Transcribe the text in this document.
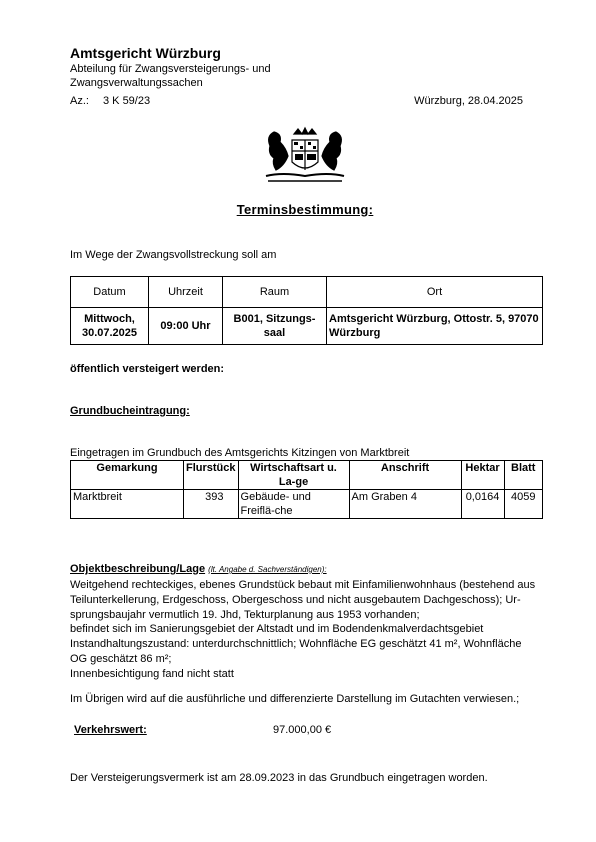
Amtsgericht Würzburg
Abteilung für Zwangsversteigerungs- und Zwangsverwaltungssachen
Az.: 3 K 59/23	Würzburg, 28.04.2025
Terminsbestimmung:
Im Wege der Zwangsvollstreckung soll am
Datum	Uhrzeit	Raum	Ort
Mittwoch, 30.07.2025	09:00 Uhr	B001, Sitzungs-saal	Amtsgericht Würzburg, Ottostr. 5, 97070 Würzburg
öffentlich versteigert werden:
Grundbucheintragung:
Eingetragen im Grundbuch des Amtsgerichts Kitzingen von Marktbreit
Gemarkung	Flurstück	Wirtschaftsart u. La-ge	Anschrift	Hektar	Blatt
Marktbreit	393	Gebäude- und Freiflä-che	Am Graben 4	0,0164	4059
Objektbeschreibung/Lage (lt. Angabe d. Sachverständigen):
Weitgehend rechteckiges, ebenes Grundstück bebaut mit Einfamilienwohnhaus (bestehend aus
Teilunterkellerung, Erdgeschoss, Obergeschoss und nicht ausgebautem Dachgeschoss); Ur-
sprungsbaujahr vermutlich 19. Jhd, Tekturplanung aus 1953 vorhanden;
befindet sich im Sanierungsgebiet der Altstadt und im Bodendenkmalverdachtsgebiet
Instandhaltungszustand: unterdurchschnittlich; Wohnfläche EG geschätzt 41 m², Wohnfläche
OG geschätzt 86 m²;
Innenbesichtigung fand nicht statt
Im Übrigen wird auf die ausführliche und differenzierte Darstellung im Gutachten verwiesen.;
Verkehrswert:	97.000,00 €
Der Versteigerungsvermerk ist am 28.09.2023 in das Grundbuch eingetragen worden.
